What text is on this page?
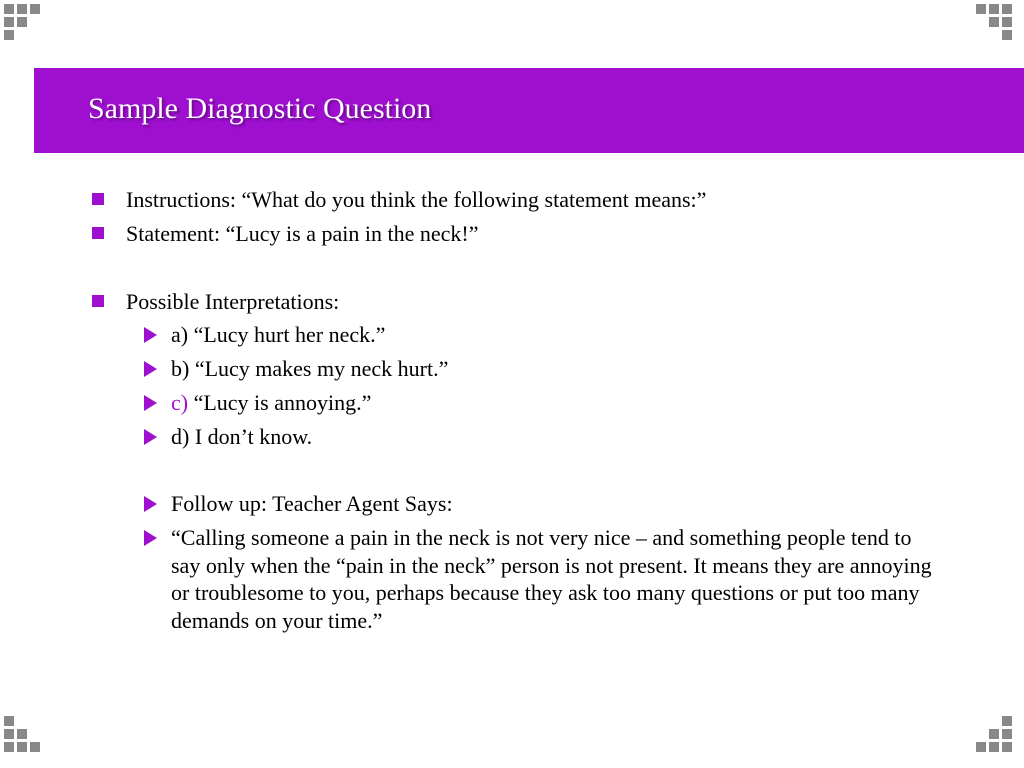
Sample Diagnostic Question
Instructions: “What do you think the following statement means:”
Statement: “Lucy is a pain in the neck!”
Possible Interpretations:
a) “Lucy hurt her neck.”
b) “Lucy makes my neck hurt.”
c) “Lucy is annoying.”
d) I don’t know.
Follow up: Teacher Agent Says:
“Calling someone a pain in the neck is not very nice – and something people tend to say only when the “pain in the neck” person is not present. It means they are annoying or troublesome to you, perhaps because they ask too many questions or put too many demands on your time.”
